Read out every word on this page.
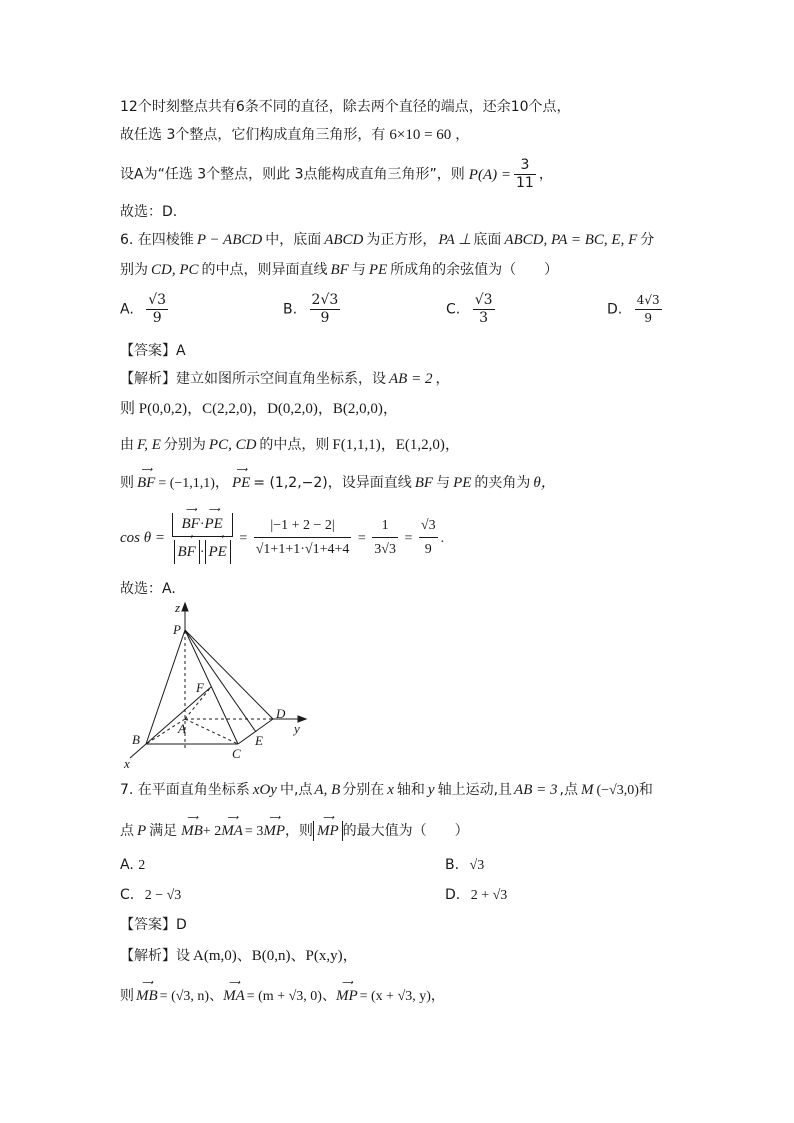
12个时刻整点共有6条不同的直径，除去两个直径的端点，还余10个点，
故任选 3个整点，它们构成直角三角形，有 6×10 = 60 ，
设A为“任选 3个整点，则此 3点能构成直角三角形”，则 $P(A) = \frac{3}{11}$ ，
故选：D.
6. 在四棱锥 P − ABCD 中，底面 ABCD 为正方形， PA ⊥ 底面 ABCD, PA = BC, E, F 分
别为 CD, PC 的中点，则异面直线 BF 与 PE 所成角的余弦值为（　　）
A. $\frac{√3}{9}$	B. $\frac{2√3}{9}$	C. $\frac{√3}{3}$	D. $\frac{4√3}{9}$
【答案】A
【解析】建立如图所示空间直角坐标系，设 AB = 2 ，
则 P(0,0,2)，C(2,2,0)，D(0,2,0)，B(2,0,0)，
由 F, E 分别为 PC, CD 的中点，则 F(1,1,1)，E(1,2,0)，
则
⟶
BF = (−1,1,1)，
⟶
PE = (1,2,−2)，设异面直线 BF 与 PE 的夹角为 θ，
cos θ = ⟶
BF·
⟶
PE
⟶
BF ·
⟶
PE = $\frac{|-1 + 2 - 2|}{√1+1+1\cdot√1+4+4} = \frac{1}{3√3} = \frac{√3}{9}$ .
故选：A.
z
P
F
A
B
C
D
E
x
y
7. 在平面直角坐标系 xOy 中,点 A, B 分别在 x 轴和 y 轴上运动,且 AB = 3 ,点 M (−√3,0)和
点 P 满足
⟶
MB+ 2
⟶
MA = 3
⟶
MP，则
⟶
MP 的最大值为（　　）
A. 2	B. √3
C. 2 − √3	D. 2 + √3
【答案】D
【解析】设 A(m,0)、B(0,n)、P(x,y)，
则
⟶
MB = (√3, n)、
⟶
MA = (m + √3, 0)、
⟶
MP = (x + √3, y)，
